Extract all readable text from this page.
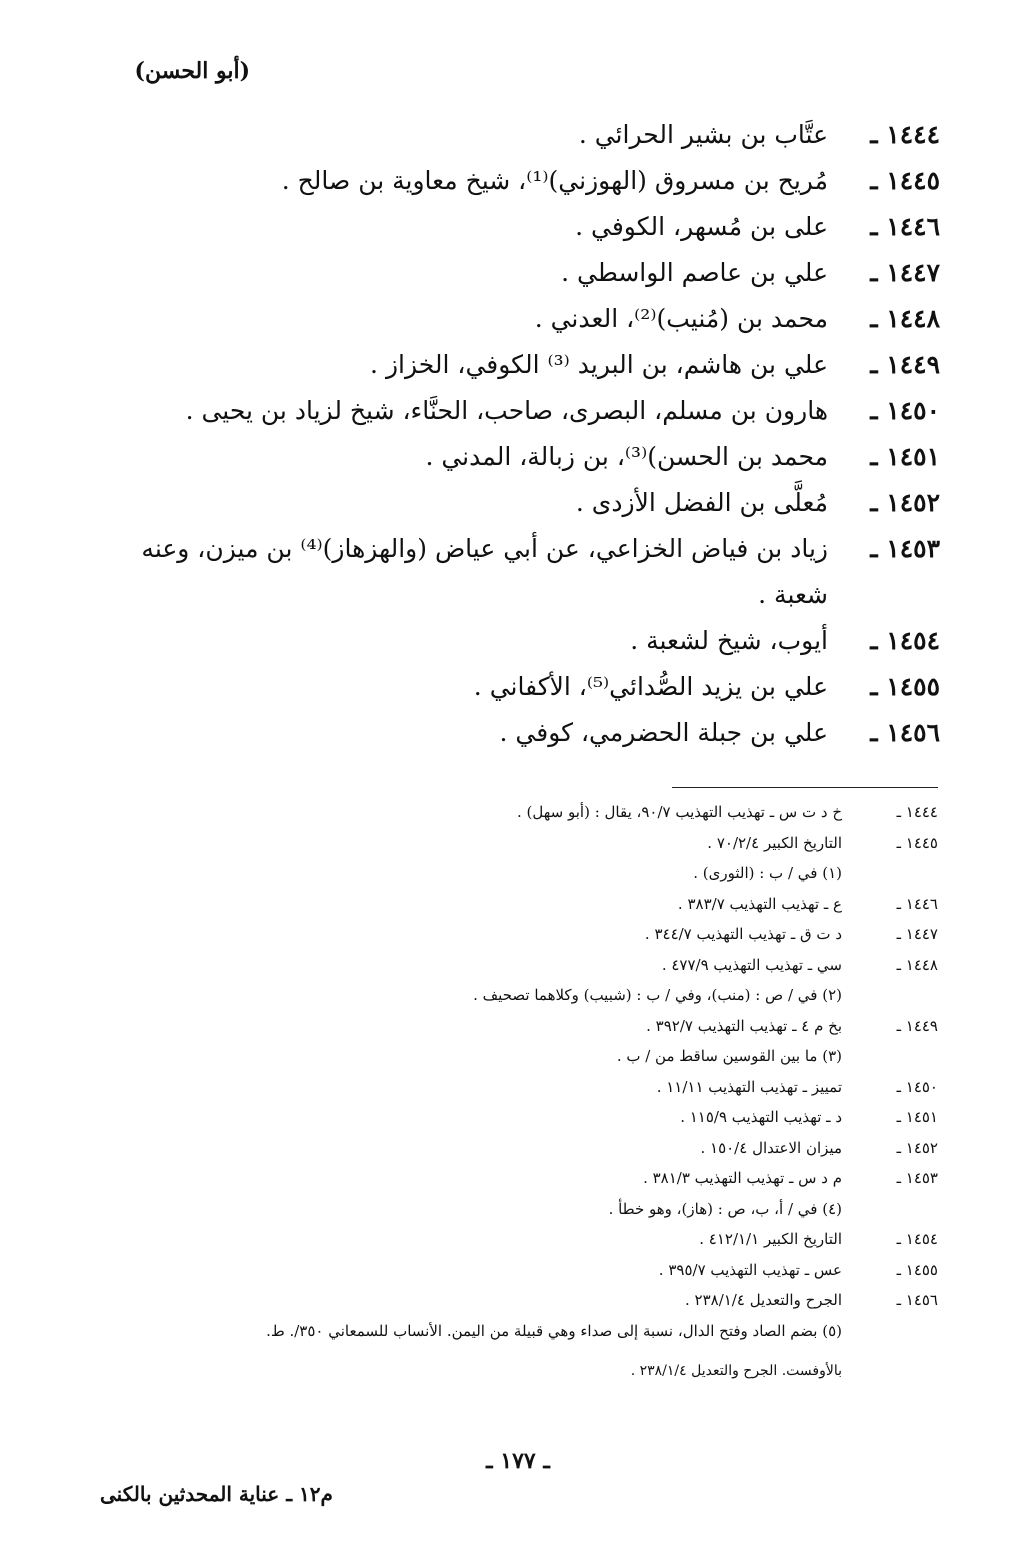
(أبو الحسن)
١٤٤٤ ـ
عتَّاب بن بشير الحرائي .
١٤٤٥ ـ
مُريح بن مسروق (الهوزني)⁽¹⁾، شيخ معاوية بن صالح .
١٤٤٦ ـ
على بن مُسهر، الكوفي .
١٤٤٧ ـ
علي بن عاصم الواسطي .
١٤٤٨ ـ
محمد بن (مُنيب)⁽²⁾، العدني .
١٤٤٩ ـ
علي بن هاشم، بن البريد ⁽³⁾ الكوفي، الخزاز .
١٤٥٠ ـ
هارون بن مسلم، البصرى، صاحب، الحنَّاء، شيخ لزياد بن يحيى .
١٤٥١ ـ
محمد بن الحسن)⁽³⁾، بن زبالة، المدني .
١٤٥٢ ـ
مُعلَّى بن الفضل الأزدى .
١٤٥٣ ـ
زياد بن فياض الخزاعي، عن أبي عياض (والهزهاز)⁽⁴⁾ بن ميزن، وعنه شعبة .
١٤٥٤ ـ
أيوب، شيخ لشعبة .
١٤٥٥ ـ
علي بن يزيد الصُّدائي⁽⁵⁾، الأكفاني .
١٤٥٦ ـ
علي بن جبلة الحضرمي، كوفي .
١٤٤٤ ـ
خ د ت س ـ تهذيب التهذيب ٩٠/٧، يقال : (أبو سهل) .
١٤٤٥ ـ
التاريخ الكبير ٧٠/٢/٤ .
(١) في / ب : (الثورى) .
١٤٤٦ ـ
ع ـ تهذيب التهذيب ٣٨٣/٧ .
١٤٤٧ ـ
د ت ق ـ تهذيب التهذيب ٣٤٤/٧ .
١٤٤٨ ـ
سي ـ تهذيب التهذيب ٤٧٧/٩ .
(٢) في / ص : (منب)، وفي / ب : (شبيب) وكلاهما تصحيف .
١٤٤٩ ـ
بخ م ٤ ـ تهذيب التهذيب ٣٩٢/٧ .
(٣) ما بين القوسين ساقط من / ب .
١٤٥٠ ـ
تمييز ـ تهذيب التهذيب ١١/١١ .
١٤٥١ ـ
د ـ تهذيب التهذيب ١١٥/٩ .
١٤٥٢ ـ
ميزان الاعتدال ١٥٠/٤ .
١٤٥٣ ـ
م د س ـ تهذيب التهذيب ٣٨١/٣ .
(٤) في / أ، ب، ص : (هاز)، وهو خطأ .
١٤٥٤ ـ
التاريخ الكبير ٤١٢/١/١ .
١٤٥٥ ـ
عس ـ تهذيب التهذيب ٣٩٥/٧ .
١٤٥٦ ـ
الجرح والتعديل ٢٣٨/١/٤ .
(٥) بضم الصاد وفتح الدال، نسبة إلى صداء وهي قبيلة من اليمن. الأنساب للسمعاني ٣٥٠/. ط.
بالأوفست. الجرح والتعديل ٢٣٨/١/٤ .
ـ ١٧٧ ـ
م١٢ ـ عناية المحدثين بالكنى
